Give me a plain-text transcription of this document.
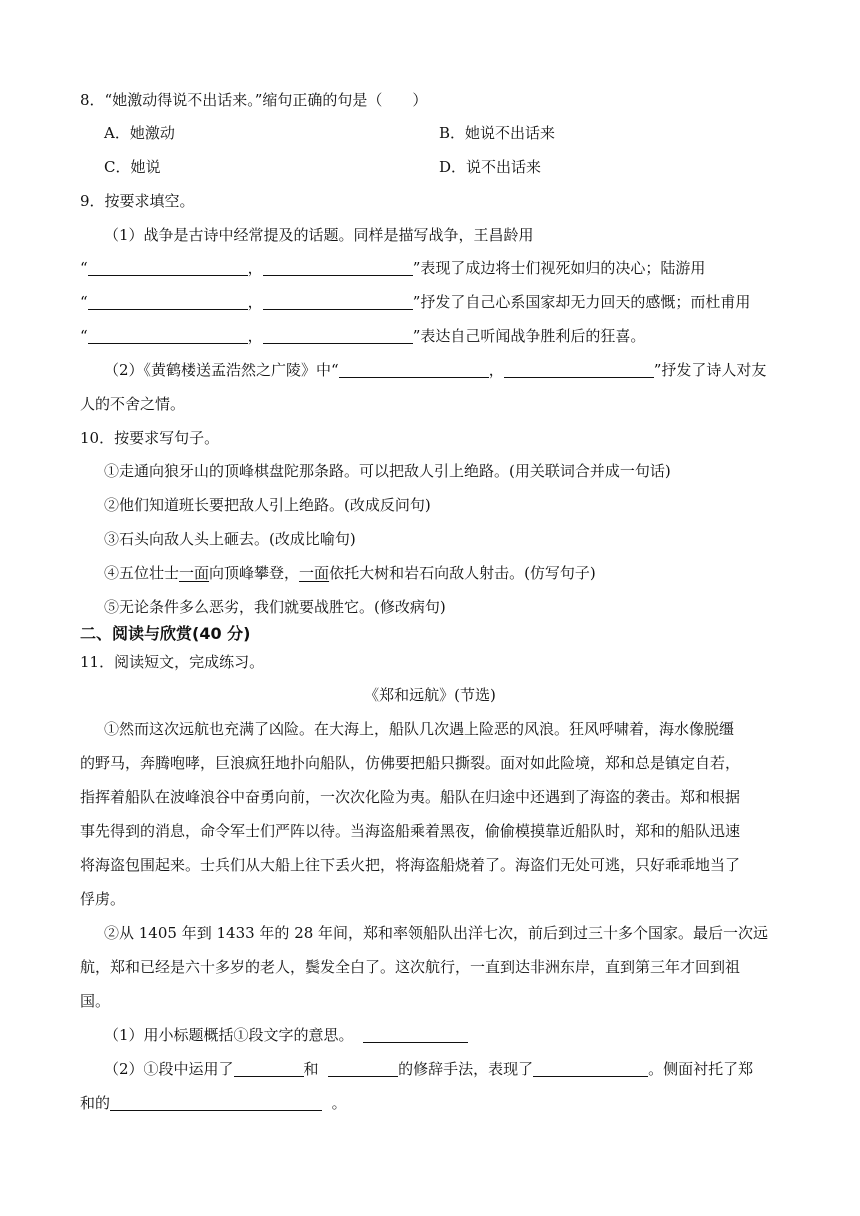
8．“她激动得说不出话来。”缩句正确的句是（　　）
A．她激动	B．她说不出话来
C．她说	D．说不出话来
9．按要求填空。
（1）战争是古诗中经常提及的话题。同样是描写战争，王昌龄用
“	，	”表现了成边将士们视死如归的决心；陆游用
“	，	”抒发了自己心系国家却无力回天的感慨；而杜甫用
“	，	”表达自己听闻战争胜利后的狂喜。
（2）《黄鹤楼送孟浩然之广陵》中“	，	”抒发了诗人对友
人的不舍之情。
10．按要求写句子。
①走通向狼牙山的顶峰棋盘陀那条路。可以把敌人引上绝路。(用关联词合并成一句话)
②他们知道班长要把敌人引上绝路。(改成反问句)
③石头向敌人头上砸去。(改成比喻句)
④五位壮士一面向顶峰攀登，一面依托大树和岩石向敌人射击。(仿写句子)
⑤无论条件多么恶劣，我们就要战胜它。(修改病句)
二、阅读与欣赏(40 分)
11．阅读短文，完成练习。
《郑和远航》(节选)
①然而这次远航也充满了凶险。在大海上，船队几次遇上险恶的风浪。狂风呼啸着，海水像脱缰
的野马，奔腾咆哮，巨浪疯狂地扑向船队，仿佛要把船只撕裂。面对如此险境，郑和总是镇定自若，
指挥着船队在波峰浪谷中奋勇向前，一次次化险为夷。船队在归途中还遇到了海盗的袭击。郑和根据
事先得到的消息，命令军士们严阵以待。当海盗船乘着黑夜，偷偷模摸靠近船队时，郑和的船队迅速
将海盗包围起来。士兵们从大船上往下丢火把，将海盗船烧着了。海盗们无处可逃，只好乖乖地当了
俘虏。
②从 1405 年到 1433 年的 28 年间，郑和率领船队出洋七次，前后到过三十多个国家。最后一次远
航，郑和已经是六十多岁的老人，鬓发全白了。这次航行，一直到达非洲东岸，直到第三年才回到祖
国。
（1）用小标题概括①段文字的意思。
（2）①段中运用了	和	的修辞手法，表现了	。侧面衬托了郑
和的	。
